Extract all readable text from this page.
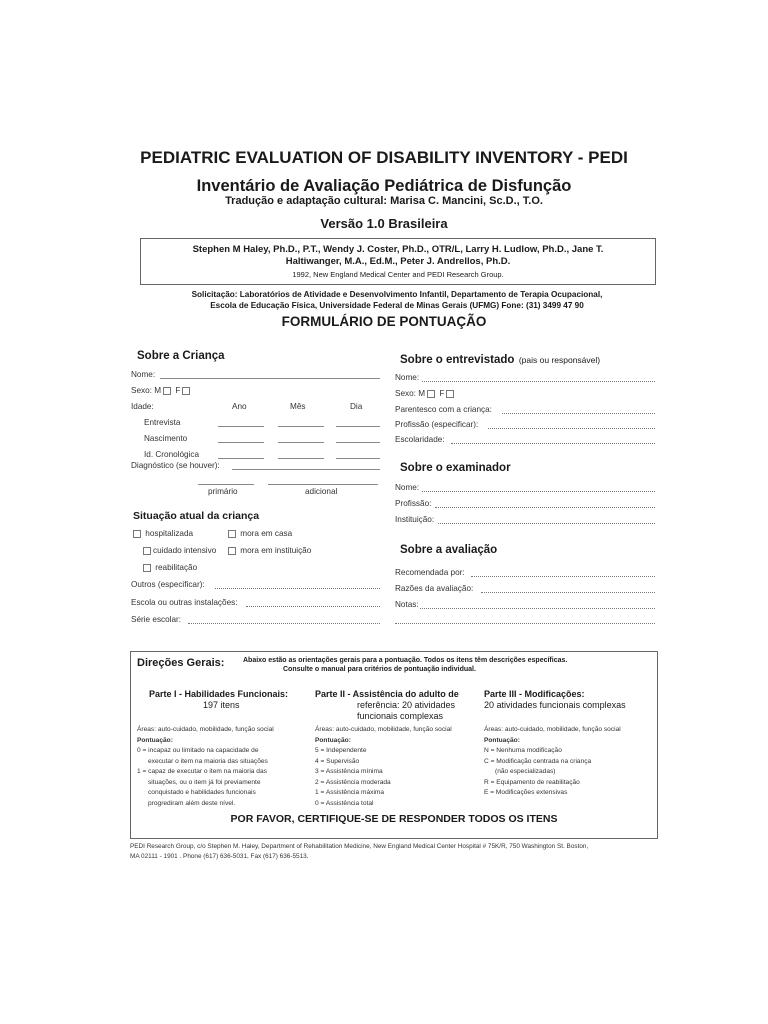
PEDIATRIC EVALUATION OF DISABILITY INVENTORY - PEDI
Inventário de Avaliação Pediátrica de Disfunção
Tradução e adaptação cultural: Marisa C. Mancini, Sc.D., T.O.
Versão 1.0 Brasileira
Stephen M Haley, Ph.D., P.T., Wendy J. Coster, Ph.D., OTR/L, Larry H. Ludlow, Ph.D., Jane T.
Haltiwanger, M.A., Ed.M., Peter J. Andrellos, Ph.D.
1992, New England Medical Center and PEDI Research Group.
Solicitação: Laboratórios de Atividade e Desenvolvimento Infantil, Departamento de Terapia Ocupacional,
Escola de Educação Física, Universidade Federal de Minas Gerais (UFMG) Fone: (31) 3499 47 90
FORMULÁRIO DE PONTUAÇÃO
Sobre a Criança
Nome:
Sexo: M F
Idade:	Ano	Mês	Dia
Entrevista
Nascimento
Id. Cronológica
Diagnóstico (se houver):
primário	adicional
Situação atual da criança
hospitalizada	mora em casa
cuidado intensivo	mora em instituição
reabilitação
Outros (especificar):
Escola ou outras instalações:
Série escolar:
Sobre o entrevistado (pais ou responsável)
Nome:
Sexo: M F
Parentesco com a criança:
Profissão (especificar):
Escolaridade:
Sobre o examinador
Nome:
Profissão:
Instituição:
Sobre a avaliação
Recomendada por:
Razões da avaliação:
Notas:
Direções Gerais:	Abaixo estão as orientações gerais para a pontuação. Todos os itens têm descrições específicas.
Consulte o manual para critérios de pontuação individual.
Parte I - Habilidades Funcionais:
197 itens
Áreas: auto-cuidado, mobilidade, função social
Pontuação:
0 = incapaz ou limitado na capacidade de
executar o item na maioria das situações
1 = capaz de executar o item na maioria das
situações, ou o item já foi previamente
conquistado e habilidades funcionais
progrediram além deste nível.
Parte II - Assistência do adulto de
referência: 20 atividades
funcionais complexas
Áreas: auto-cuidado, mobilidade, função social
Pontuação:
5 = Independente
4 = Supervisão
3 = Assistência mínima
2 = Assistência moderada
1 = Assistência máxima
0 = Assistência total
Parte III - Modificações:
20 atividades funcionais complexas
Áreas: auto-cuidado, mobilidade, função social
Pontuação:
N = Nenhuma modificação
C = Modificação centrada na criança
(não especializadas)
R = Equipamento de reabilitação
E = Modificações extensivas
POR FAVOR, CERTIFIQUE-SE DE RESPONDER TODOS OS ITENS
PEDI Research Group, c/o Stephen M. Haley, Department of Rehabilitation Medicine, New England Medical Center Hospital # 75K/R, 750 Washington St. Boston,
MA 02111 - 1901 . Phone (617) 636-5031, Fax (617) 636-5513.
